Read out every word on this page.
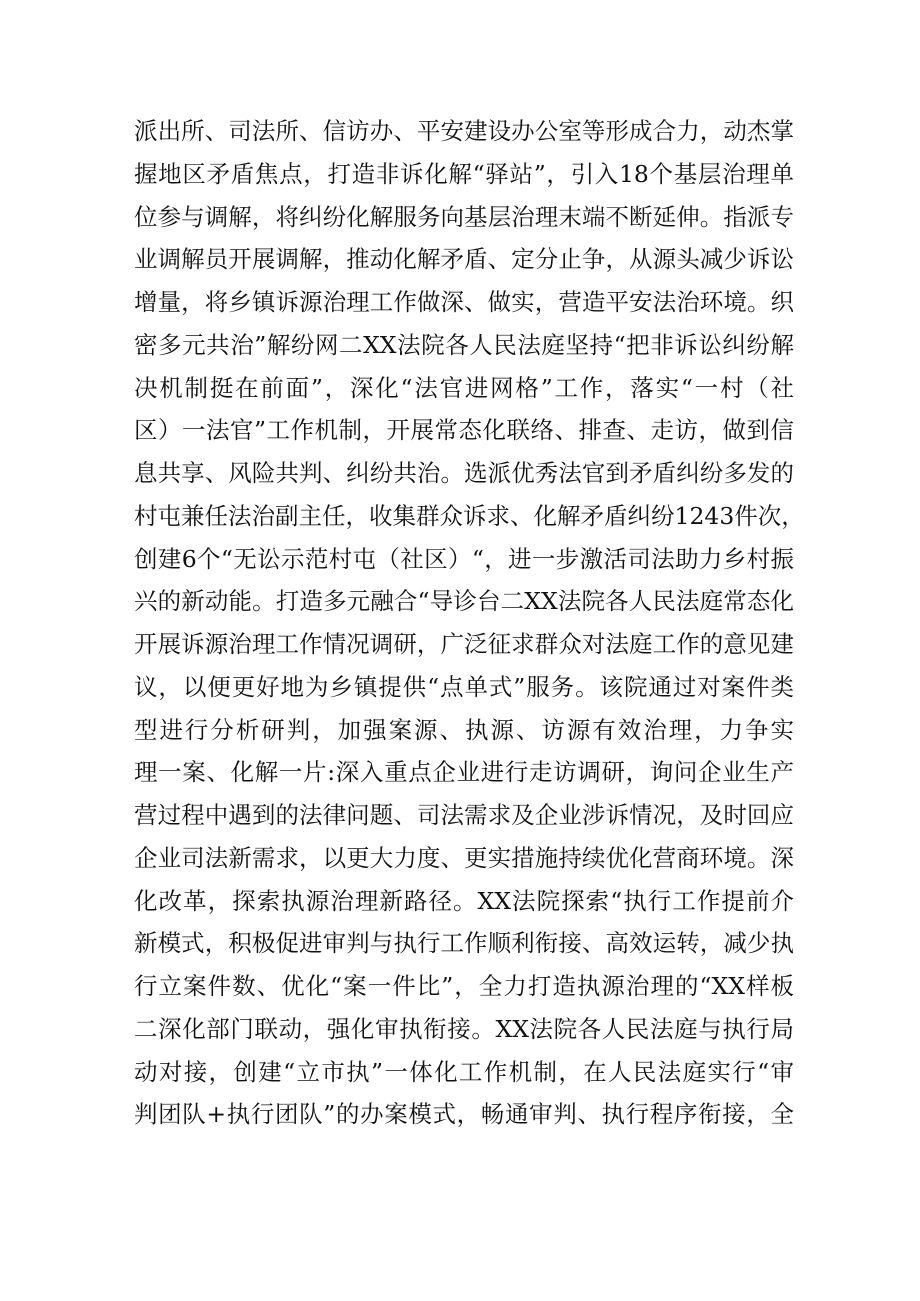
派出所、司法所、信访办、平安建设办公室等形成合力，动杰掌
握地区矛盾焦点，打造非诉化解“驿站”，引入18个基层治理单
位参与调解，将纠纷化解服务向基层治理末端不断延伸。指派专
业调解员开展调解，推动化解矛盾、定分止争，从源头减少诉讼
增量，将乡镇诉源治理工作做深、做实，营造平安法治环境。织
密多元共治”解纷网二XX法院各人民法庭坚持“把非诉讼纠纷解
决机制挺在前面”，深化“法官进网格”工作，落实“一村（社
区）一法官”工作机制，开展常态化联络、排查、走访，做到信
息共享、风险共判、纠纷共治。选派优秀法官到矛盾纠纷多发的
村屯兼任法治副主任，收集群众诉求、化解矛盾纠纷1243件次，
创建6个“无讼示范村屯（社区）“，进一步激活司法助力乡村振
兴的新动能。打造多元融合“导诊台二XX法院各人民法庭常态化
开展诉源治理工作情况调研，广泛征求群众对法庭工作的意见建
议，以便更好地为乡镇提供“点单式”服务。该院通过对案件类
型进行分析研判，加强案源、执源、访源有效治理，力争实
理一案、化解一片:深入重点企业进行走访调研，询问企业生产
营过程中遇到的法律问题、司法需求及企业涉诉情况，及时回应
企业司法新需求，以更大力度、更实措施持续优化营商环境。深
化改革，探索执源治理新路径。XX法院探索“执行工作提前介
新模式，积极促进审判与执行工作顺利衔接、高效运转，减少执
行立案件数、优化“案一件比”，全力打造执源治理的“XX样板
二深化部门联动，强化审执衔接。XX法院各人民法庭与执行局
动对接，创建“立市执”一体化工作机制，在人民法庭实行“审
判团队+执行团队”的办案模式，畅通审判、执行程序衔接，全
